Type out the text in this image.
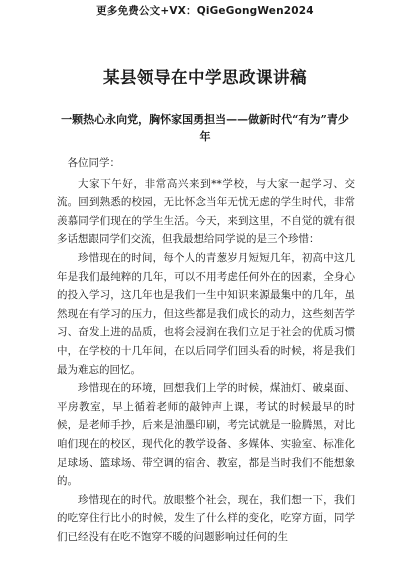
更多免费公文+VX：QiGeGongWen2024
某县领导在中学思政课讲稿
一颗热心永向党，胸怀家国勇担当——做新时代“有为”青少年

各位同学：

大家下午好，非常高兴来到**学校，与大家一起学习、交流。回到熟悉的校园，无比怀念当年无忧无虑的学生时代，非常羡慕同学们现在的学生生活。今天，来到这里，不自觉的就有很多话想跟同学们交流，但我最想给同学说的是三个珍惜：

珍惜现在的时间，每个人的青葱岁月短短几年，初高中这几年是我们最纯粹的几年，可以不用考虑任何外在的因素，全身心的投入学习，这几年也是我们一生中知识来源最集中的几年，虽然现在有学习的压力，但这些都是我们成长的动力，这些刻苦学习、奋发上进的品质，也将会浸润在我们立足于社会的优质习惯中，在学校的十几年间，在以后同学们回头看的时候，将是我们最为难忘的回忆。

珍惜现在的环境，回想我们上学的时候，煤油灯、破桌面、平房教室，早上循着老师的敲钟声上课，考试的时候最早的时候，是老师手抄，后来是油墨印刷，考完试就是一脸腾黑，对比咱们现在的校区，现代化的教学设备、多媒体、实验室、标准化足球场、篮球场、带空调的宿舍、教室，都是当时我们不能想象的。

珍惜现在的时代。放眼整个社会，现在，我们想一下，我们的吃穿住行比小的时候，发生了什么样的变化，吃穿方面，同学们已经没有在吃不饱穿不暖的问题影响过任何的生
